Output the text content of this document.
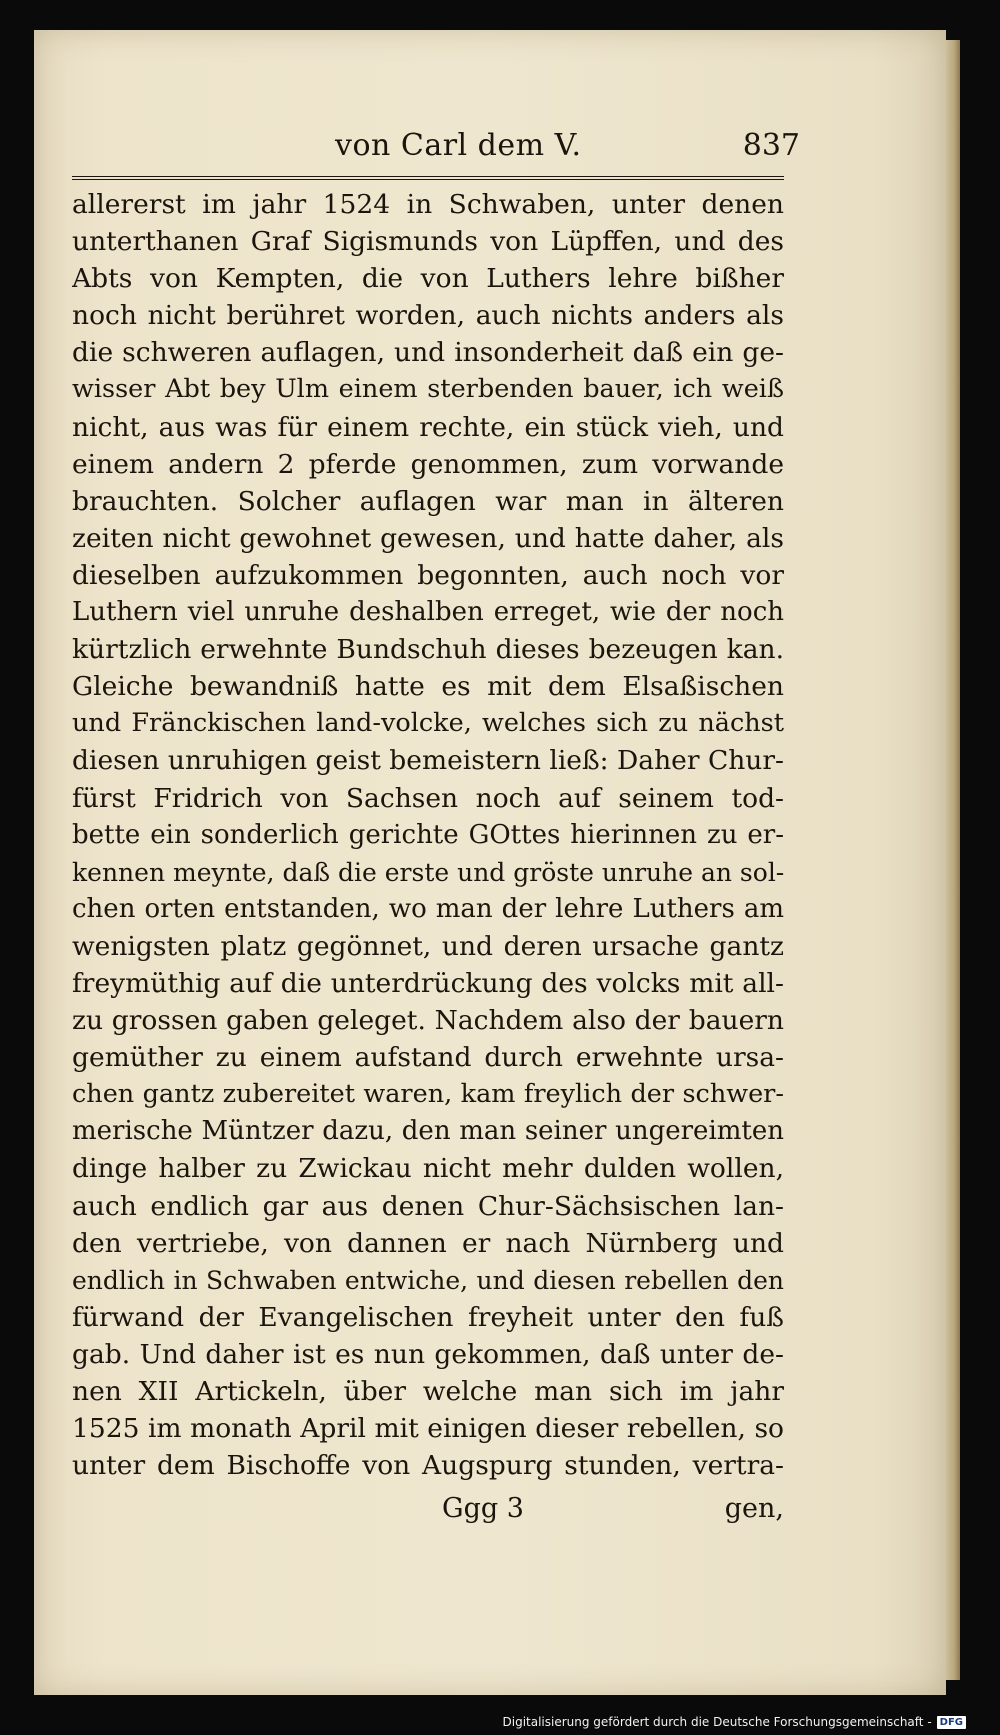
von Carl dem V.	837
allererst im jahr 1524 in Schwaben, unter denen
unterthanen Graf Sigismunds von Lüpffen, und des
Abts von Kempten, die von Luthers lehre bißher
noch nicht berühret worden, auch nichts anders als
die schweren auflagen, und insonderheit daß ein ge-
wisser Abt bey Ulm einem sterbenden bauer, ich weiß
nicht, aus was für einem rechte, ein stück vieh, und
einem andern 2 pferde genommen, zum vorwande
brauchten. Solcher auflagen war man in älteren
zeiten nicht gewohnet gewesen, und hatte daher, als
dieselben aufzukommen begonnten, auch noch vor
Luthern viel unruhe deshalben erreget, wie der noch
kürtzlich erwehnte Bundschuh dieses bezeugen kan.
Gleiche bewandniß hatte es mit dem Elsaßischen
und Fränckischen land-volcke, welches sich zu nächst
diesen unruhigen geist bemeistern ließ: Daher Chur-
fürst Fridrich von Sachsen noch auf seinem tod-
bette ein sonderlich gerichte GOttes hierinnen zu er-
kennen meynte, daß die erste und gröste unruhe an sol-
chen orten entstanden, wo man der lehre Luthers am
wenigsten platz gegönnet, und deren ursache gantz
freymüthig auf die unterdrückung des volcks mit all-
zu grossen gaben geleget. Nachdem also der bauern
gemüther zu einem aufstand durch erwehnte ursa-
chen gantz zubereitet waren, kam freylich der schwer-
merische Müntzer dazu, den man seiner ungereimten
dinge halber zu Zwickau nicht mehr dulden wollen,
auch endlich gar aus denen Chur-Sächsischen lan-
den vertriebe, von dannen er nach Nürnberg und
endlich in Schwaben entwiche, und diesen rebellen den
fürwand der Evangelischen freyheit unter den fuß
gab. Und daher ist es nun gekommen, daß unter de-
nen XII Artickeln, über welche man sich im jahr
1525 im monath April mit einigen dieser rebellen, so
unter dem Bischoffe von Augspurg stunden, vertra-
Ggg 3	gen,
Digitalisierung gefördert durch die Deutsche Forschungsgemeinschaft - DFG
